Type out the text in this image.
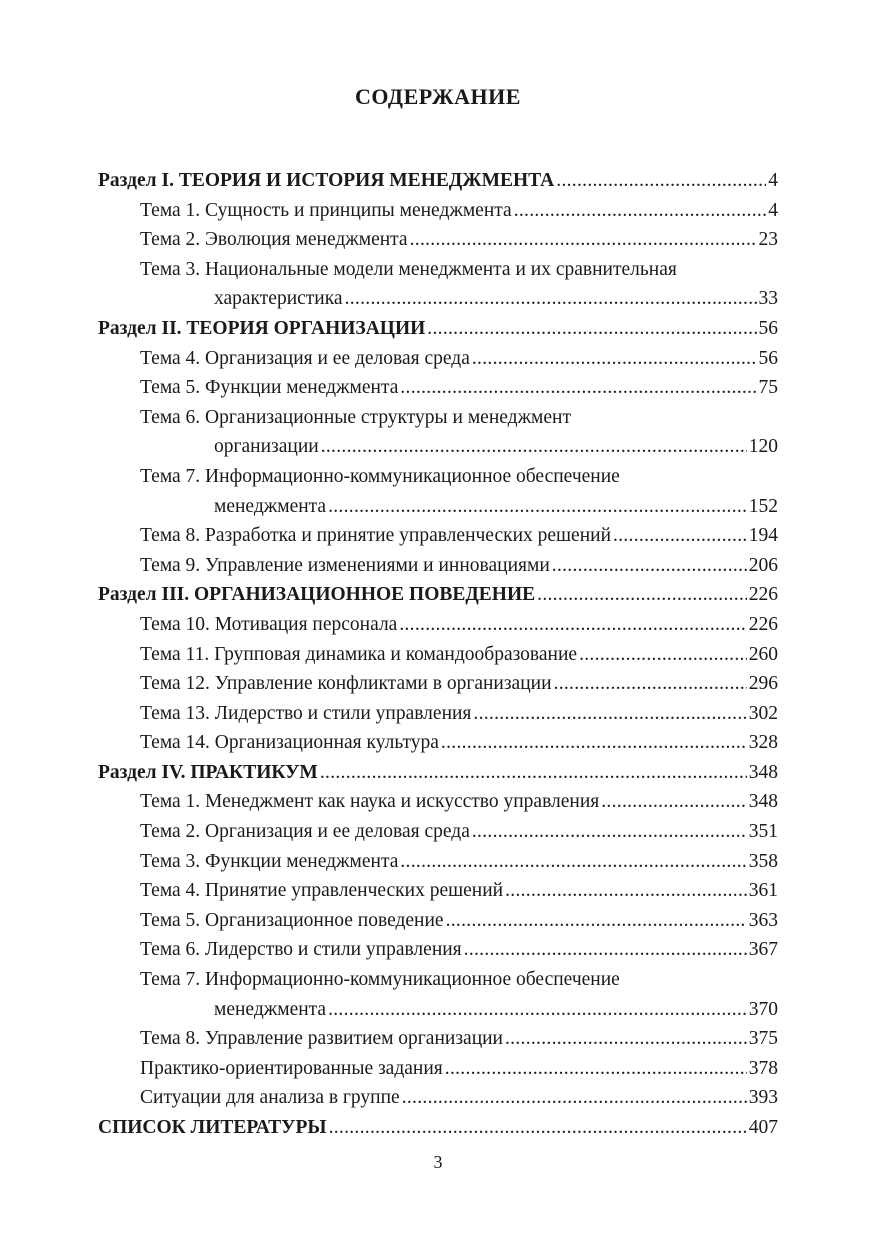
СОДЕРЖАНИЕ
Раздел I. ТЕОРИЯ И ИСТОРИЯ МЕНЕДЖМЕНТА .....	4
Тема 1. Сущность и принципы менеджмента .....	4
Тема 2. Эволюция менеджмента .....	23
Тема 3. Национальные модели менеджмента и их сравнительная
характеристика .....	33
Раздел II. ТЕОРИЯ ОРГАНИЗАЦИИ .....	56
Тема 4. Организация и ее деловая среда .....	56
Тема 5. Функции менеджмента .....	75
Тема 6. Организационные структуры и менеджмент
организации .....	120
Тема 7. Информационно-коммуникационное обеспечение
менеджмента .....	152
Тема 8. Разработка и принятие управленческих решений .....	194
Тема 9. Управление изменениями и инновациями .....	206
Раздел III. ОРГАНИЗАЦИОННОЕ ПОВЕДЕНИЕ .....	226
Тема 10. Мотивация персонала .....	226
Тема 11. Групповая динамика и командообразование .....	260
Тема 12. Управление конфликтами в организации .....	296
Тема 13. Лидерство и стили управления .....	302
Тема 14. Организационная культура .....	328
Раздел IV. ПРАКТИКУМ .....	348
Тема 1. Менеджмент как наука и искусство управления .....	348
Тема 2. Организация и ее деловая среда .....	351
Тема 3. Функции менеджмента .....	358
Тема 4. Принятие управленческих решений .....	361
Тема 5. Организационное поведение .....	363
Тема 6. Лидерство и стили управления .....	367
Тема 7. Информационно-коммуникационное обеспечение
менеджмента .....	370
Тема 8. Управление развитием организации .....	375
Практико-ориентированные задания .....	378
Ситуации для анализа в группе .....	393
СПИСОК ЛИТЕРАТУРЫ .....	407
3
